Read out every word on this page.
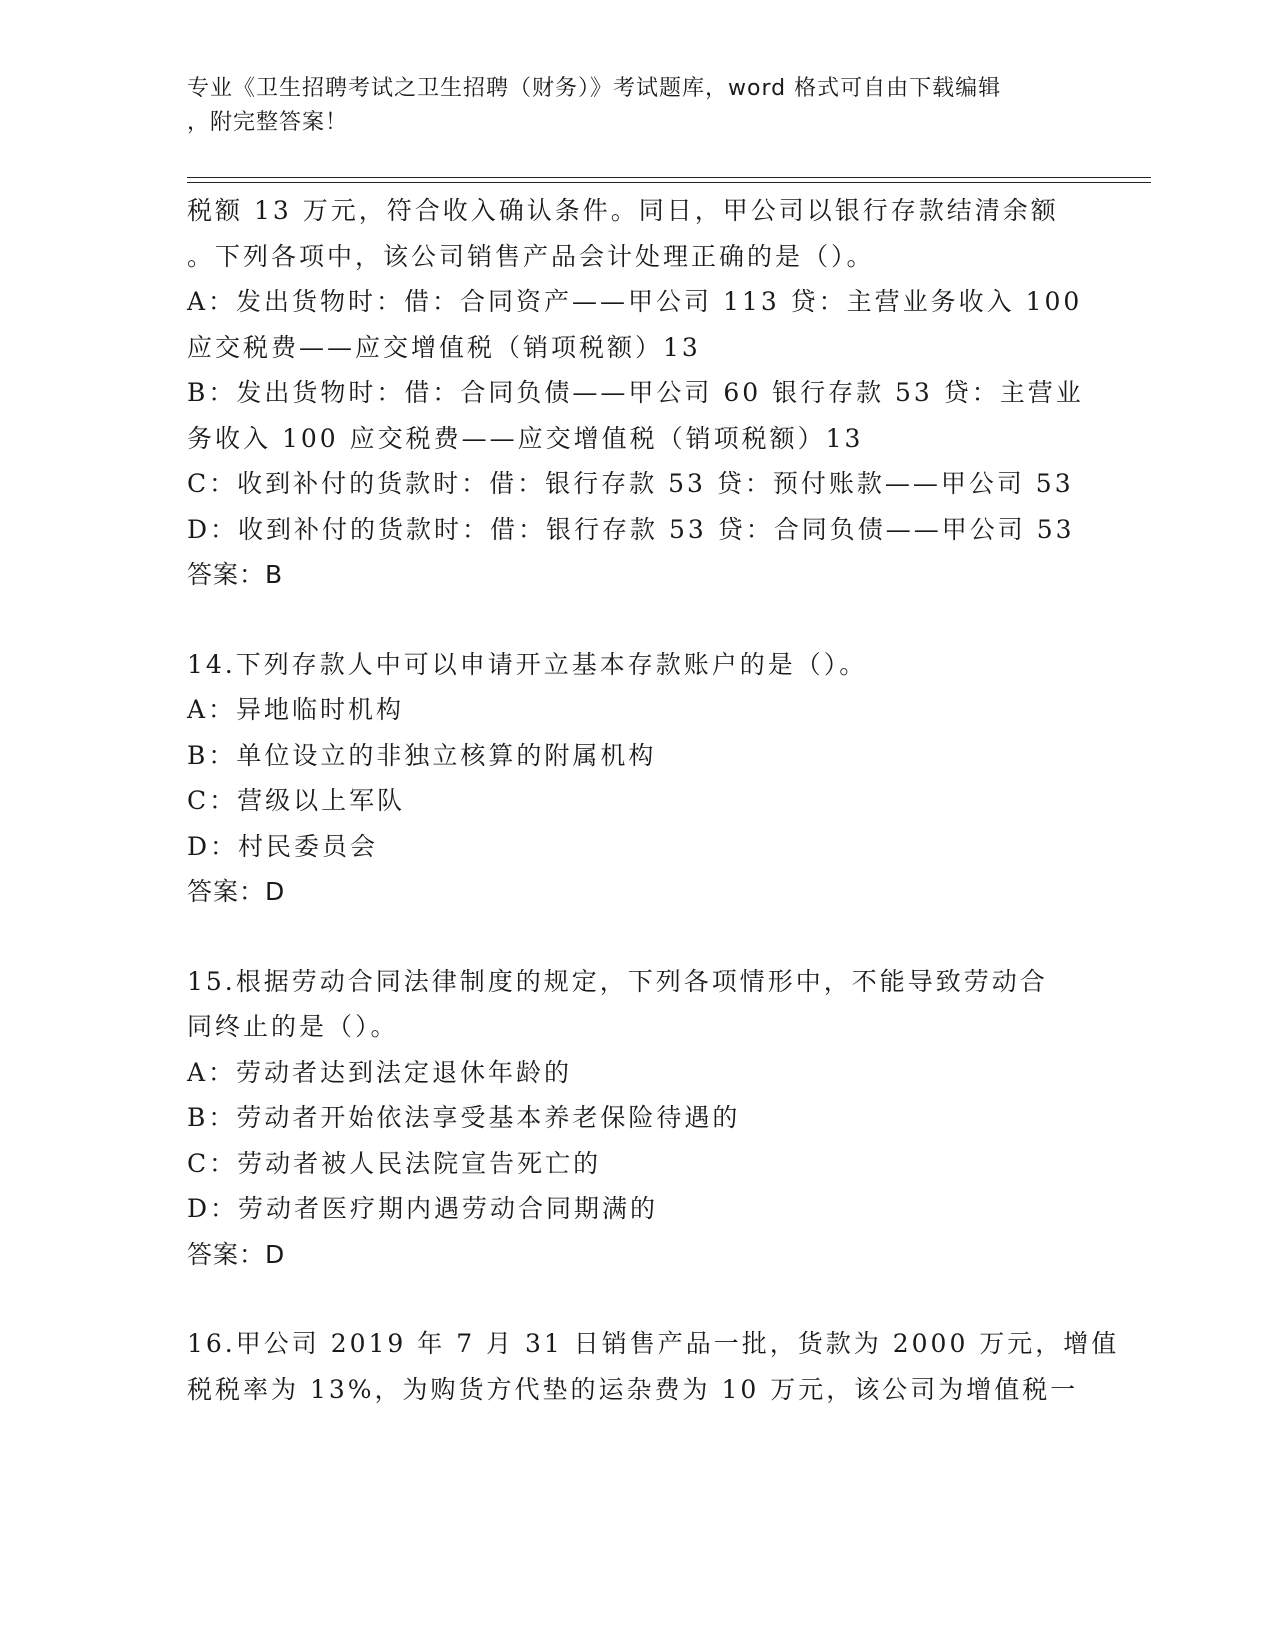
专业《卫生招聘考试之卫生招聘（财务）》考试题库，word 格式可自由下载编辑
，附完整答案！
税额 13 万元，符合收入确认条件。同日，甲公司以银行存款结清余额
。下列各项中，该公司销售产品会计处理正确的是（）。
A：发出货物时：借：合同资产——甲公司 113 贷：主营业务收入 100
应交税费——应交增值税（销项税额）13
B：发出货物时：借：合同负债——甲公司 60 银行存款 53 贷：主营业
务收入 100 应交税费——应交增值税（销项税额）13
C：收到补付的货款时：借：银行存款 53 贷：预付账款——甲公司 53
D：收到补付的货款时：借：银行存款 53 贷：合同负债——甲公司 53
答案：B
14.下列存款人中可以申请开立基本存款账户的是（）。
A：异地临时机构
B：单位设立的非独立核算的附属机构
C：营级以上军队
D：村民委员会
答案：D
15.根据劳动合同法律制度的规定，下列各项情形中，不能导致劳动合
同终止的是（）。
A：劳动者达到法定退休年龄的
B：劳动者开始依法享受基本养老保险待遇的
C：劳动者被人民法院宣告死亡的
D：劳动者医疗期内遇劳动合同期满的
答案：D
16.甲公司 2019 年 7 月 31 日销售产品一批，货款为 2000 万元，增值
税税率为 13%，为购货方代垫的运杂费为 10 万元，该公司为增值税一
